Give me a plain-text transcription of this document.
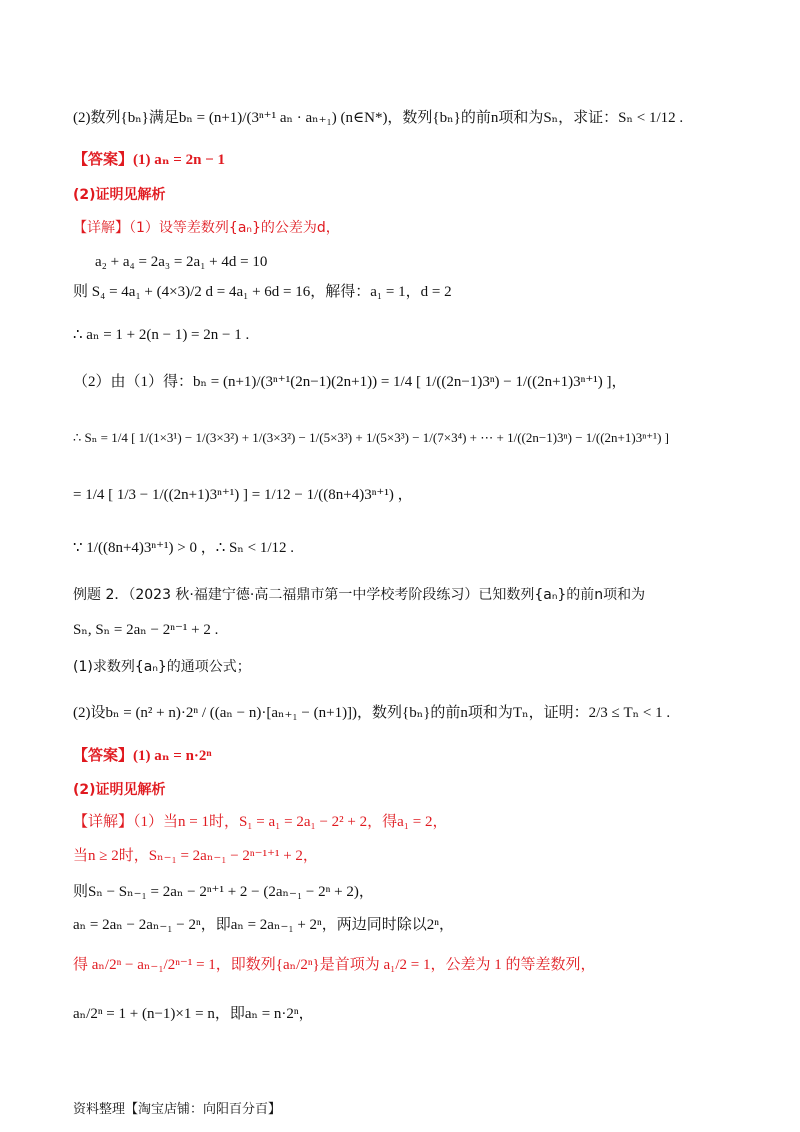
(2)数列{bₙ}满足bₙ = (n+1)/(3ⁿ⁺¹ aₙ · aₙ₊₁) (n∈N*)，数列{bₙ}的前n项和为Sₙ，求证：Sₙ < 1/12 .
【答案】(1) aₙ = 2n − 1
(2)证明见解析
【详解】（1）设等差数列{aₙ}的公差为d，
a₂ + a₄ = 2a₃ = 2a₁ + 4d = 10
则 S₄ = 4a₁ + (4×3)/2 d = 4a₁ + 6d = 16，解得：a₁ = 1，d = 2
∴ aₙ = 1 + 2(n − 1) = 2n − 1 .
（2）由（1）得：bₙ = (n+1)/(3ⁿ⁺¹(2n−1)(2n+1)) = 1/4 [ 1/((2n−1)3ⁿ) − 1/((2n+1)3ⁿ⁺¹) ]，
∴ Sₙ = 1/4 [ 1/(1×3¹) − 1/(3×3²) + 1/(3×3²) − 1/(5×3³) + 1/(5×3³) − 1/(7×3⁴) + ⋯ + 1/((2n−1)3ⁿ) − 1/((2n+1)3ⁿ⁺¹) ]
= 1/4 [ 1/3 − 1/((2n+1)3ⁿ⁺¹) ] = 1/12 − 1/((8n+4)3ⁿ⁺¹) ，
∵ 1/((8n+4)3ⁿ⁺¹) > 0 ，∴ Sₙ < 1/12 .
例题 2．（2023 秋·福建宁德·高二福鼎市第一中学校考阶段练习）已知数列{aₙ}的前n项和为
Sₙ, Sₙ = 2aₙ − 2ⁿ⁻¹ + 2 .
(1)求数列{aₙ}的通项公式；
(2)设bₙ = (n² + n)·2ⁿ / ((aₙ − n)·[aₙ₊₁ − (n+1)])，数列{bₙ}的前n项和为Tₙ，证明：2/3 ≤ Tₙ < 1 .
【答案】(1) aₙ = n·2ⁿ
(2)证明见解析
【详解】（1）当n = 1时，S₁ = a₁ = 2a₁ − 2² + 2，得a₁ = 2，
当n ≥ 2时，Sₙ₋₁ = 2aₙ₋₁ − 2ⁿ⁻¹⁺¹ + 2，
则Sₙ − Sₙ₋₁ = 2aₙ − 2ⁿ⁺¹ + 2 − (2aₙ₋₁ − 2ⁿ + 2)，
aₙ = 2aₙ − 2aₙ₋₁ − 2ⁿ，即aₙ = 2aₙ₋₁ + 2ⁿ，两边同时除以2ⁿ，
得 aₙ/2ⁿ − aₙ₋₁/2ⁿ⁻¹ = 1，即数列{aₙ/2ⁿ}是首项为 a₁/2 = 1，公差为 1 的等差数列，
aₙ/2ⁿ = 1 + (n−1)×1 = n，即aₙ = n·2ⁿ，
资料整理【淘宝店铺：向阳百分百】
